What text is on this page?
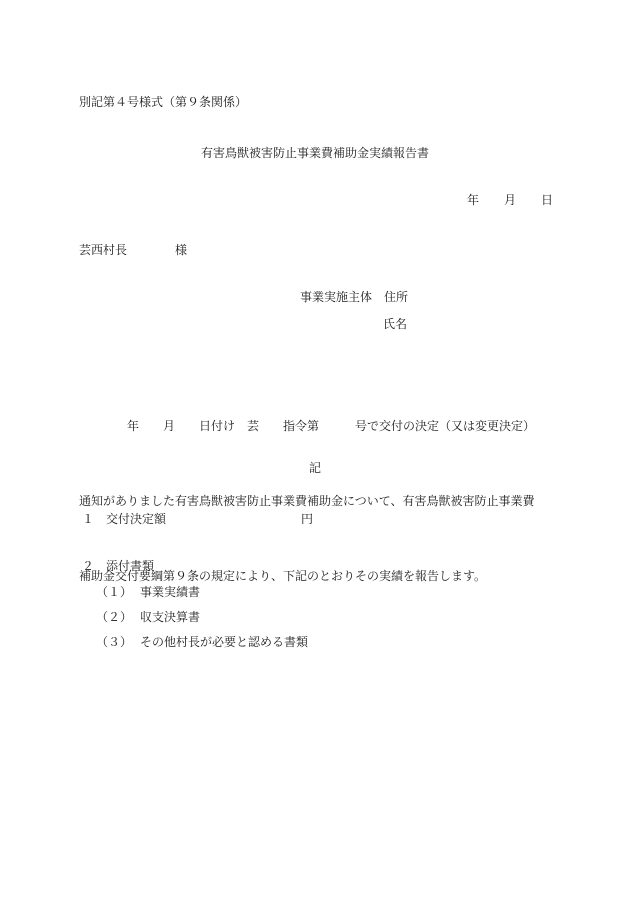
別記第４号様式（第９条関係）
有害鳥獣被害防止事業費補助金実績報告書
年 月 日
芸西村長	様
事業実施主体 住所
氏名

年　　月　　日付け　芸　　指令第　　　号で交付の決定（又は変更決定）

通知がありました有害鳥獣被害防止事業費補助金について、有害鳥獣被害防止事業費

補助金交付要綱第９条の規定により、下記のとおりその実績を報告します。

記
１ 交付決定額	円
２ 添付書類
（１） 事業実績書
（２） 収支決算書
（３） その他村長が必要と認める書類
